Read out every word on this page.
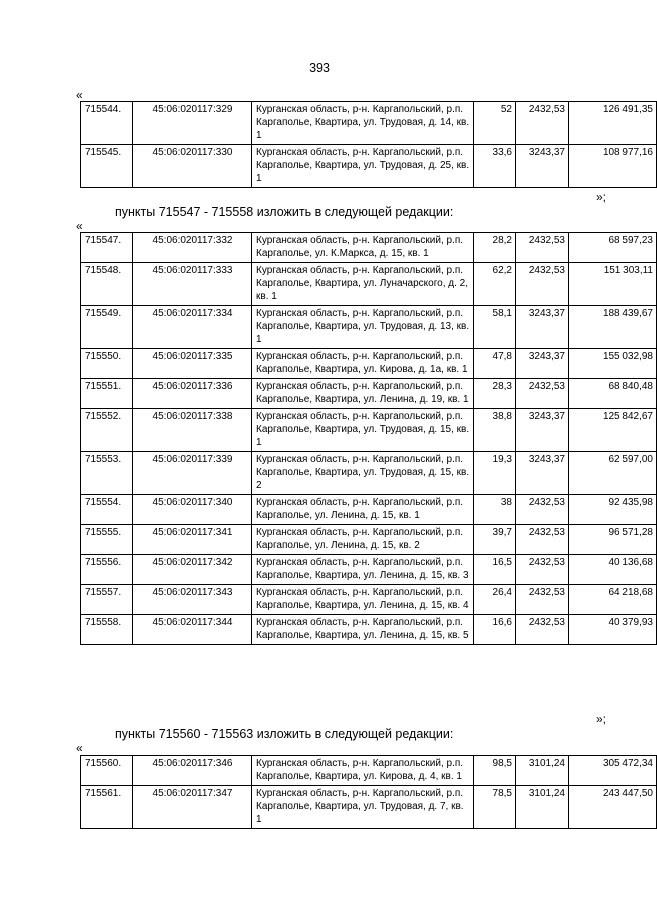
393
«
715544.	45:06:020117:329	Курганская область, р-н. Каргапольский, р.п. Каргаполье, Квартира, ул. Трудовая, д. 14, кв. 1	52	2432,53	126 491,35
715545.	45:06:020117:330	Курганская область, р-н. Каргапольский, р.п. Каргаполье, Квартира, ул. Трудовая, д. 25, кв. 1	33,6	3243,37	108 977,16
»;
пункты 715547 - 715558 изложить в следующей редакции:
«
715547.	45:06:020117:332	Курганская область, р-н. Каргапольский, р.п. Каргаполье, ул. К.Маркса, д. 15, кв. 1	28,2	2432,53	68 597,23
715548.	45:06:020117:333	Курганская область, р-н. Каргапольский, р.п. Каргаполье, Квартира, ул. Луначарского, д. 2, кв. 1	62,2	2432,53	151 303,11
715549.	45:06:020117:334	Курганская область, р-н. Каргапольский, р.п. Каргаполье, Квартира, ул. Трудовая, д. 13, кв. 1	58,1	3243,37	188 439,67
715550.	45:06:020117:335	Курганская область, р-н. Каргапольский, р.п. Каргаполье, Квартира, ул. Кирова, д. 1а, кв. 1	47,8	3243,37	155 032,98
715551.	45:06:020117:336	Курганская область, р-н. Каргапольский, р.п. Каргаполье, Квартира, ул. Ленина, д. 19, кв. 1	28,3	2432,53	68 840,48
715552.	45:06:020117:338	Курганская область, р-н. Каргапольский, р.п. Каргаполье, Квартира, ул. Трудовая, д. 15, кв. 1	38,8	3243,37	125 842,67
715553.	45:06:020117:339	Курганская область, р-н. Каргапольский, р.п. Каргаполье, Квартира, ул. Трудовая, д. 15, кв. 2	19,3	3243,37	62 597,00
715554.	45:06:020117:340	Курганская область, р-н. Каргапольский, р.п. Каргаполье, ул. Ленина, д. 15, кв. 1	38	2432,53	92 435,98
715555.	45:06:020117:341	Курганская область, р-н. Каргапольский, р.п. Каргаполье, ул. Ленина, д. 15, кв. 2	39,7	2432,53	96 571,28
715556.	45:06:020117:342	Курганская область, р-н. Каргапольский, р.п. Каргаполье, Квартира, ул. Ленина, д. 15, кв. 3	16,5	2432,53	40 136,68
715557.	45:06:020117:343	Курганская область, р-н. Каргапольский, р.п. Каргаполье, Квартира, ул. Ленина, д. 15, кв. 4	26,4	2432,53	64 218,68
715558.	45:06:020117:344	Курганская область, р-н. Каргапольский, р.п. Каргаполье, Квартира, ул. Ленина, д. 15, кв. 5	16,6	2432,53	40 379,93
»;
пункты 715560 - 715563 изложить в следующей редакции:
«
715560.	45:06:020117:346	Курганская область, р-н. Каргапольский, р.п. Каргаполье, Квартира, ул. Кирова, д. 4, кв. 1	98,5	3101,24	305 472,34
715561.	45:06:020117:347	Курганская область, р-н. Каргапольский, р.п. Каргаполье, Квартира, ул. Трудовая, д. 7, кв. 1	78,5	3101,24	243 447,50
